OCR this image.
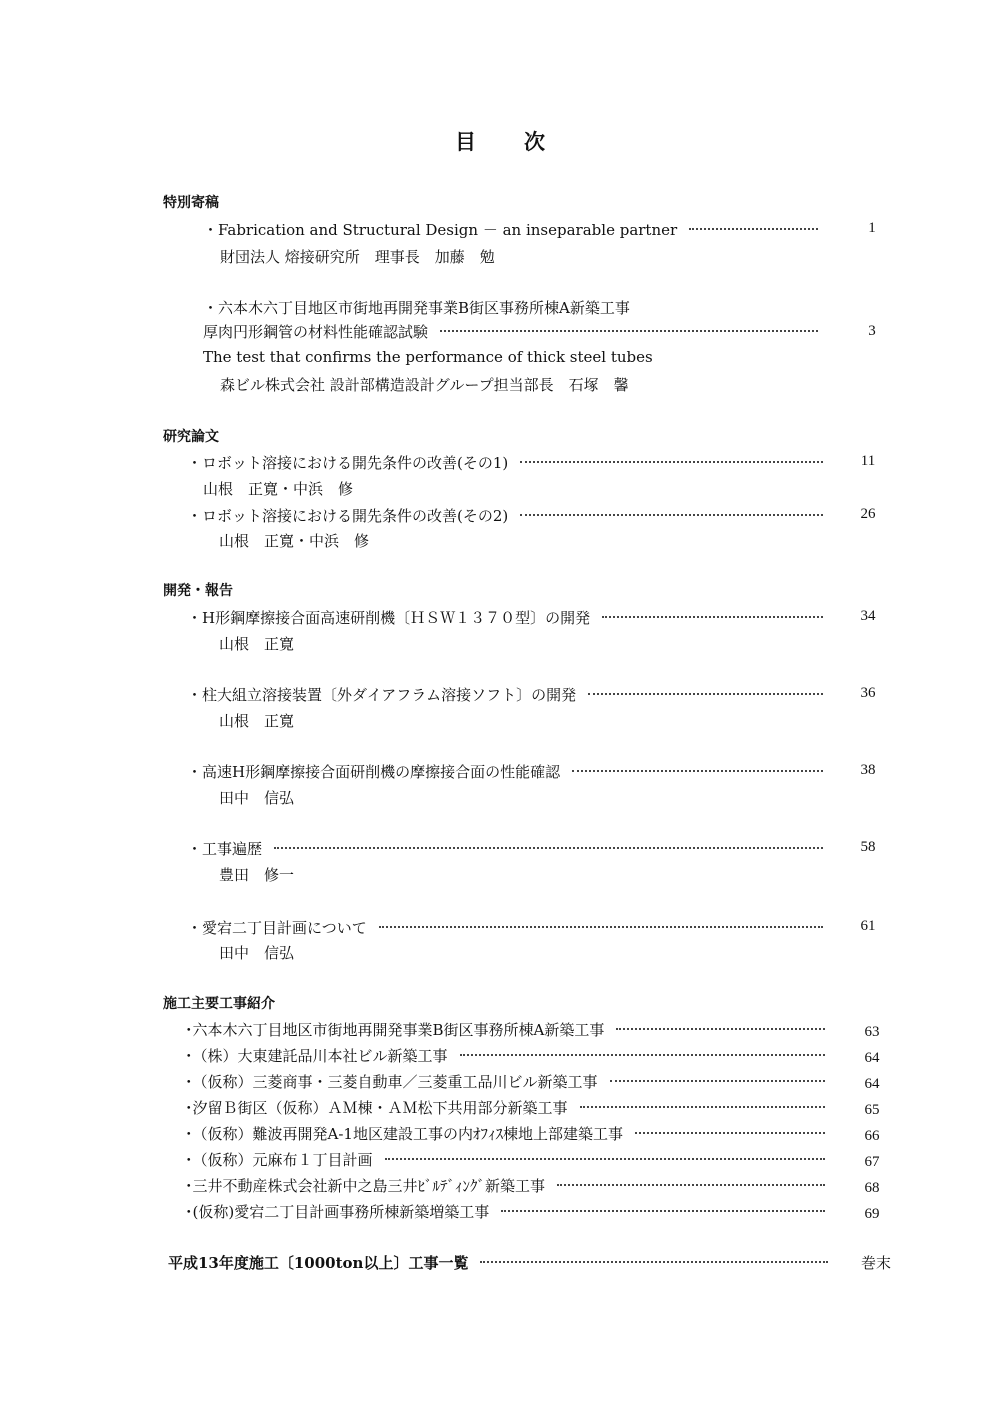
目 次
特別寄稿
・Fabrication and Structural Design － an inseparable partner	1
財団法人 熔接研究所　理事長　加藤　勉
・六本木六丁目地区市街地再開発事業B街区事務所棟A新築工事
厚肉円形鋼管の材料性能確認試験	3
The test that confirms the performance of thick steel tubes
森ビル株式会社 設計部構造設計グループ担当部長　石塚　馨
研究論文
・ロボット溶接における開先条件の改善(その1)	11
山根　正寛・中浜　修
・ロボット溶接における開先条件の改善(その2)	26
山根　正寛・中浜　修
開発・報告
・H形鋼摩擦接合面高速研削機〔ＨＳＷ１３７０型〕の開発	34
山根　正寛
・柱大組立溶接装置〔外ダイアフラム溶接ソフト〕の開発	36
山根　正寛
・高速H形鋼摩擦接合面研削機の摩擦接合面の性能確認	38
田中　信弘
・工事遍歴	58
豊田　修一
・愛宕二丁目計画について	61
田中　信弘
施工主要工事紹介
･六本木六丁目地区市街地再開発事業B街区事務所棟A新築工事	63
･（株）大東建託品川本社ビル新築工事	64
･（仮称）三菱商事・三菱自動車／三菱重工品川ビル新築工事	64
･汐留Ｂ街区（仮称）ＡＭ棟・ＡＭ松下共用部分新築工事	65
･（仮称）難波再開発A-1地区建設工事の内ｵﾌｨｽ棟地上部建築工事	66
･（仮称）元麻布１丁目計画	67
･三井不動産株式会社新中之島三井ﾋﾞﾙﾃﾞｨﾝｸﾞ新築工事	68
･(仮称)愛宕二丁目計画事務所棟新築増築工事	69
平成13年度施工〔1000ton以上〕工事一覧	巻末
